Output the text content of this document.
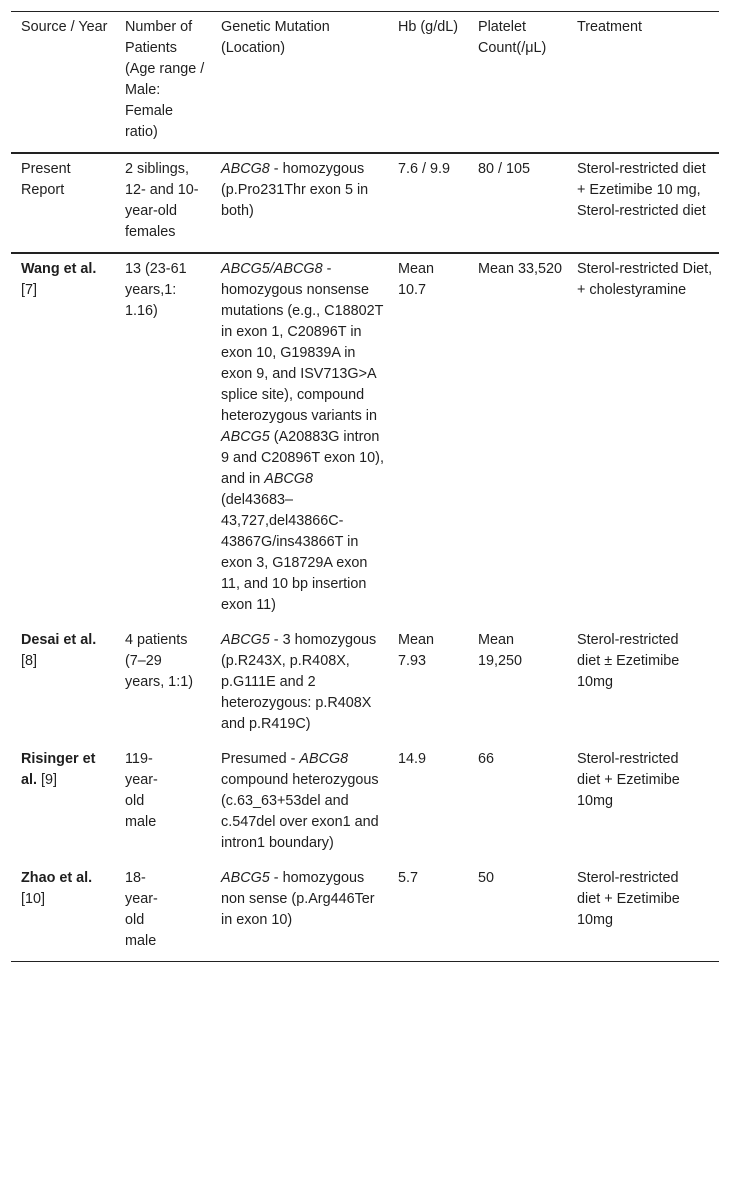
Source / Year	Number of Patients (Age range / Male: Female ratio)	Genetic Mutation (Location)	Hb (g/dL)	Platelet Count(/μL)	Treatment
Present Report	2 siblings, 12- and 10-year-old females	ABCG8 - homozygous (p.Pro231Thr exon 5 in both)	7.6 / 9.9	80 / 105	Sterol-restricted diet + Ezetimibe 10 mg, Sterol-restricted diet
Wang et al. [7]	13 (23-61 years,1: 1.16)	ABCG5/ABCG8 - homozygous nonsense mutations (e.g., C18802T in exon 1, C20896T in exon 10, G19839A in exon 9, and ISV713G>A splice site), compound heterozygous variants in ABCG5 (A20883G intron 9 and C20896T exon 10), and in ABCG8 (del43683–43,727,del43866C-43867G/ins43866T in exon 3, G18729A exon 11, and 10 bp insertion exon 11)	Mean 10.7	Mean 33,520	Sterol-restricted Diet, + cholestyramine
Desai et al. [8]	4 patients (7–29 years, 1:1)	ABCG5 - 3 homozygous (p.R243X, p.R408X, p.G111E and 2 heterozygous: p.R408X and p.R419C)	Mean 7.93	Mean 19,250	Sterol-restricted diet ± Ezetimibe 10mg
Risinger et al. [9]	119-year-old male	Presumed - ABCG8 compound heterozygous (c.63_63+53del and c.547del over exon1 and intron1 boundary)	14.9	66	Sterol-restricted diet + Ezetimibe 10mg
Zhao et al. [10]	18-year-old male	ABCG5 - homozygous non sense (p.Arg446Ter in exon 10)	5.7	50	Sterol-restricted diet + Ezetimibe 10mg
